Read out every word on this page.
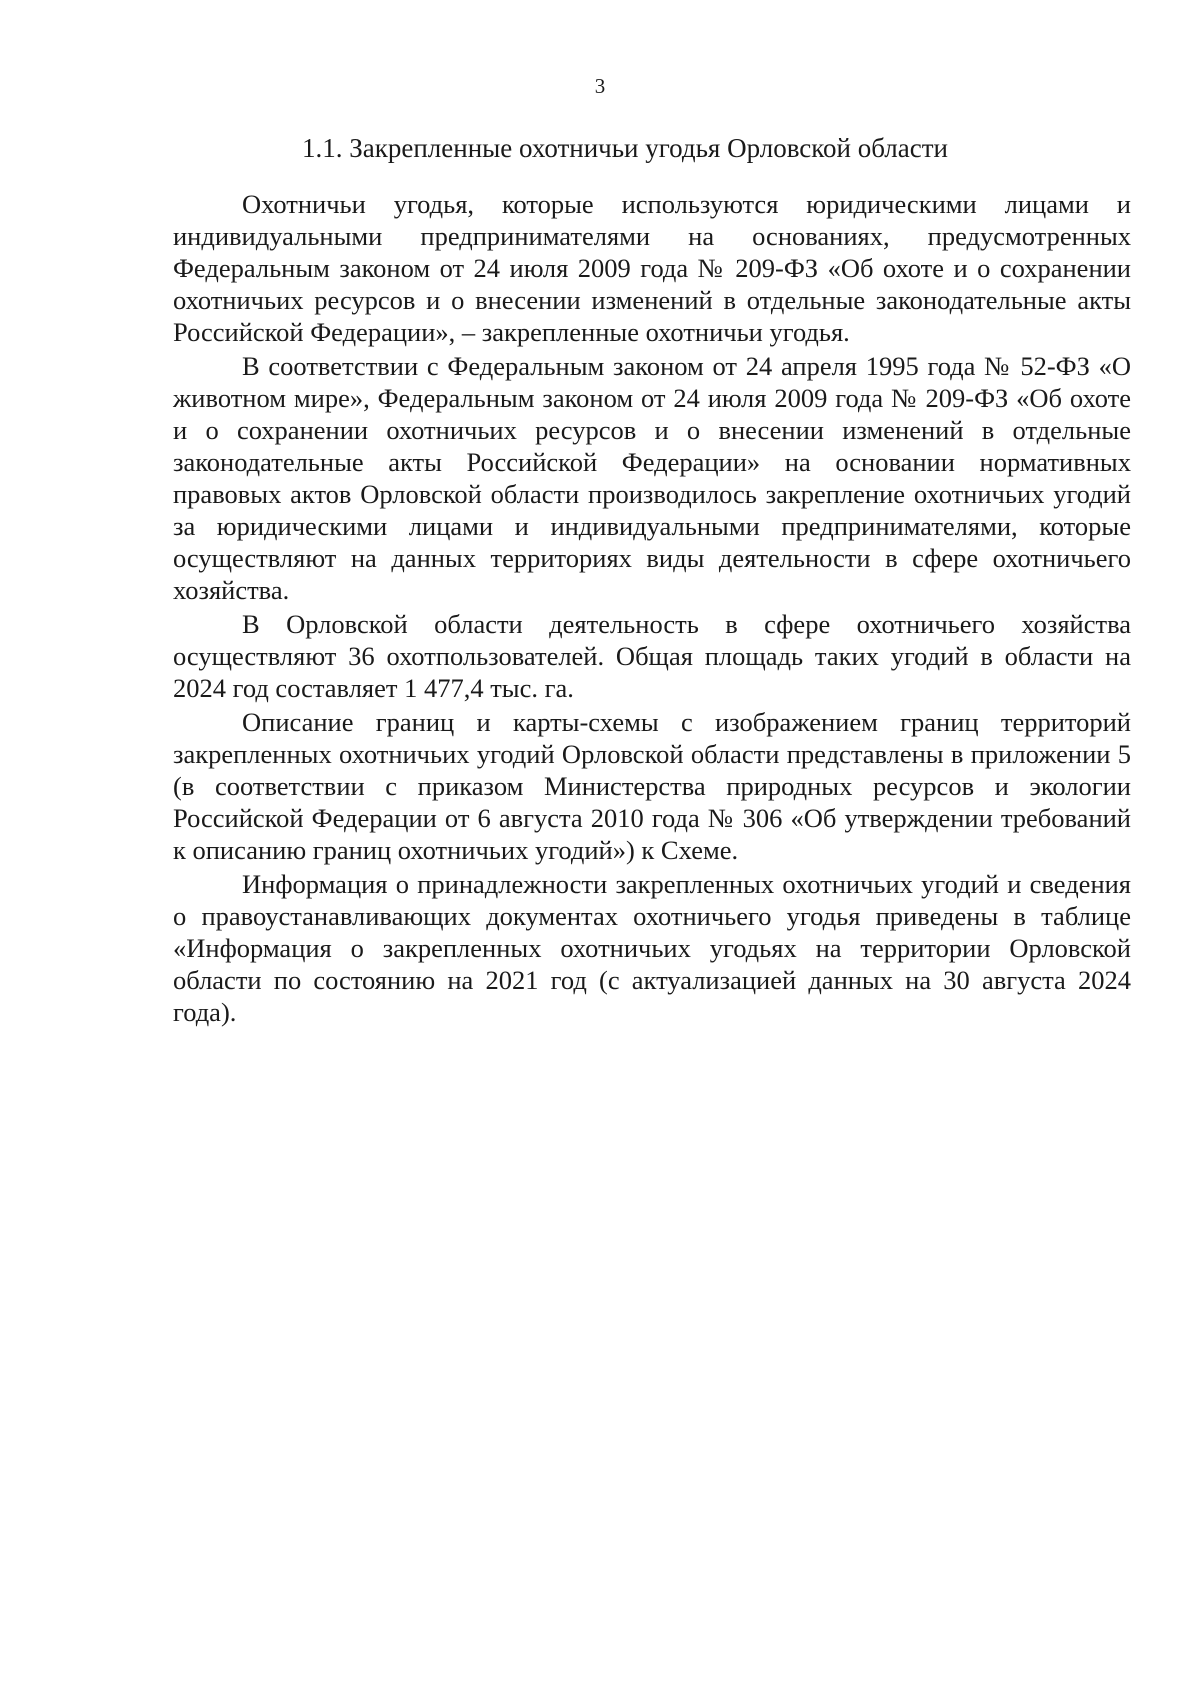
3
1.1. Закрепленные охотничьи угодья Орловской области

Охотничьи угодья, которые используются юридическими лицами и индивидуальными предпринимателями на основаниях, предусмотренных Федеральным законом от 24 июля 2009 года № 209-ФЗ «Об охоте и о сохранении охотничьих ресурсов и о внесении изменений в отдельные законодательные акты Российской Федерации», – закрепленные охотничьи угодья.

В соответствии с Федеральным законом от 24 апреля 1995 года № 52-ФЗ «О животном мире», Федеральным законом от 24 июля 2009 года № 209-ФЗ «Об охоте и о сохранении охотничьих ресурсов и о внесении изменений в отдельные законодательные акты Российской Федерации» на основании нормативных правовых актов Орловской области производилось закрепление охотничьих угодий за юридическими лицами и индивидуальными предпринимателями, которые осуществляют на данных территориях виды деятельности в сфере охотничьего хозяйства.

В Орловской области деятельность в сфере охотничьего хозяйства осуществляют 36 охотпользователей. Общая площадь таких угодий в области на 2024 год составляет 1 477,4 тыс. га.

Описание границ и карты-схемы с изображением границ территорий закрепленных охотничьих угодий Орловской области представлены в приложении 5 (в соответствии с приказом Министерства природных ресурсов и экологии Российской Федерации от 6 августа 2010 года № 306 «Об утверждении требований к описанию границ охотничьих угодий») к Схеме.

Информация о принадлежности закрепленных охотничьих угодий и сведения о правоустанавливающих документах охотничьего угодья приведены в таблице «Информация о закрепленных охотничьих угодьях на территории Орловской области по состоянию на 2021 год (с актуализацией данных на 30 августа 2024 года).
